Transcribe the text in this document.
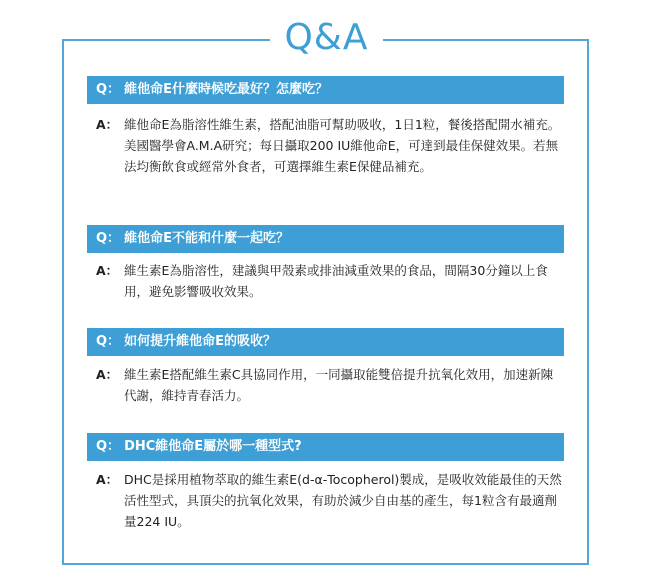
Q&A
Q： 維他命E什麼時候吃最好？怎麼吃？
A： 維他命E為脂溶性維生素，搭配油脂可幫助吸收，1日1粒，餐後搭配開水補充。美國醫學會A.M.A研究；每日攝取200 IU維他命E，可達到最佳保健效果。若無法均衡飲食或經常外食者，可選擇維生素E保健品補充。
Q： 維他命E不能和什麼一起吃？
A： 維生素E為脂溶性，建議與甲殼素或排油減重效果的食品，間隔30分鐘以上食用，避免影響吸收效果。
Q： 如何提升維他命E的吸收？
A： 維生素E搭配維生素C具協同作用，一同攝取能雙倍提升抗氧化效用，加速新陳代謝，維持青春活力。
Q： DHC維他命E屬於哪一種型式?
A： DHC是採用植物萃取的維生素E(d-α-Tocopherol)製成，是吸收效能最佳的天然活性型式，具頂尖的抗氧化效果，有助於減少自由基的產生，每1粒含有最適劑量224 IU。
